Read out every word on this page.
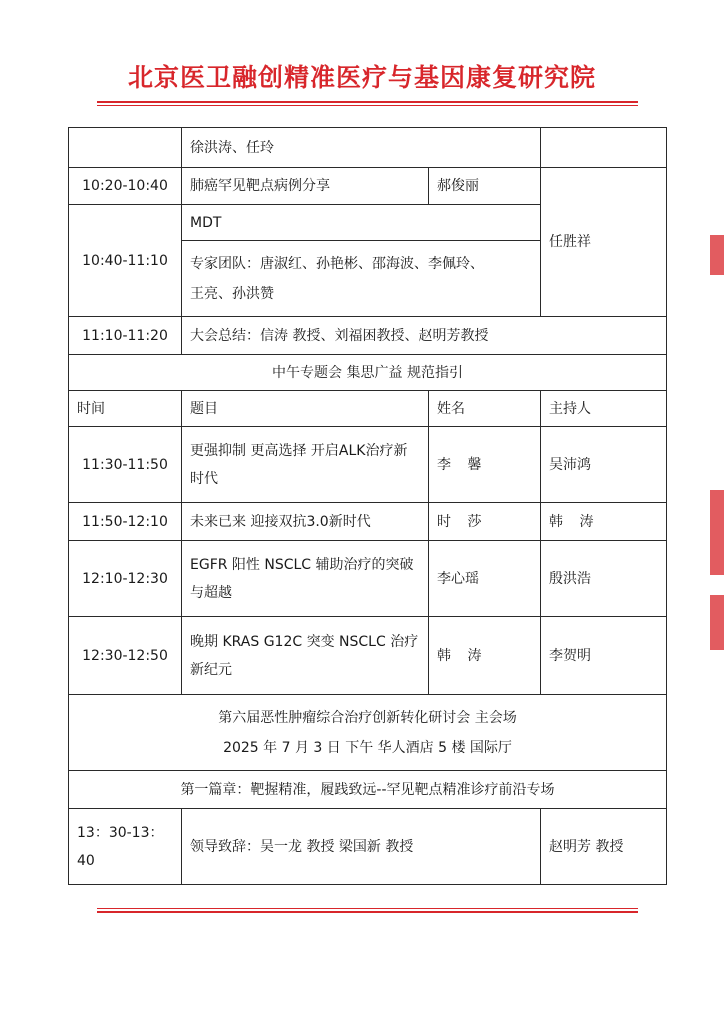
北京医卫融创精准医疗与基因康复研究院
	徐洪涛、任玲		
10:20-10:40	肺癌罕见靶点病例分享	郝俊丽	任胜祥
10:40-11:10	MDT		

	专家团队：唐淑红、孙艳彬、邵海波、李佩玲、
王亮、孙洪赞		

11:10-11:20	大会总结：信涛 教授、刘福困教授、赵明芳教授		
中午专题会 集思广益 规范指引			
时间	题目	姓名	主持人
11:30-11:50	更强抑制 更高选择 开启ALK治疗新时代	李 馨	吴沛鸿
11:50-12:10	未来已来 迎接双抗3.0新时代	时 莎	韩 涛
12:10-12:30	EGFR 阳性 NSCLC 辅助治疗的突破与超越	李心瑶	殷洪浩
12:30-12:50	晚期 KRAS G12C 突变 NSCLC 治疗新纪元	韩 涛	李贺明

第六届恶性肿瘤综合治疗创新转化研讨会 主会场
2025 年 7 月 3 日 下午 华人酒店 5 楼 国际厅			

第一篇章：靶握精准，履践致远--罕见靶点精准诊疗前沿专场			
13：30-13：40	领导致辞：吴一龙 教授 梁国新 教授		赵明芳 教授
